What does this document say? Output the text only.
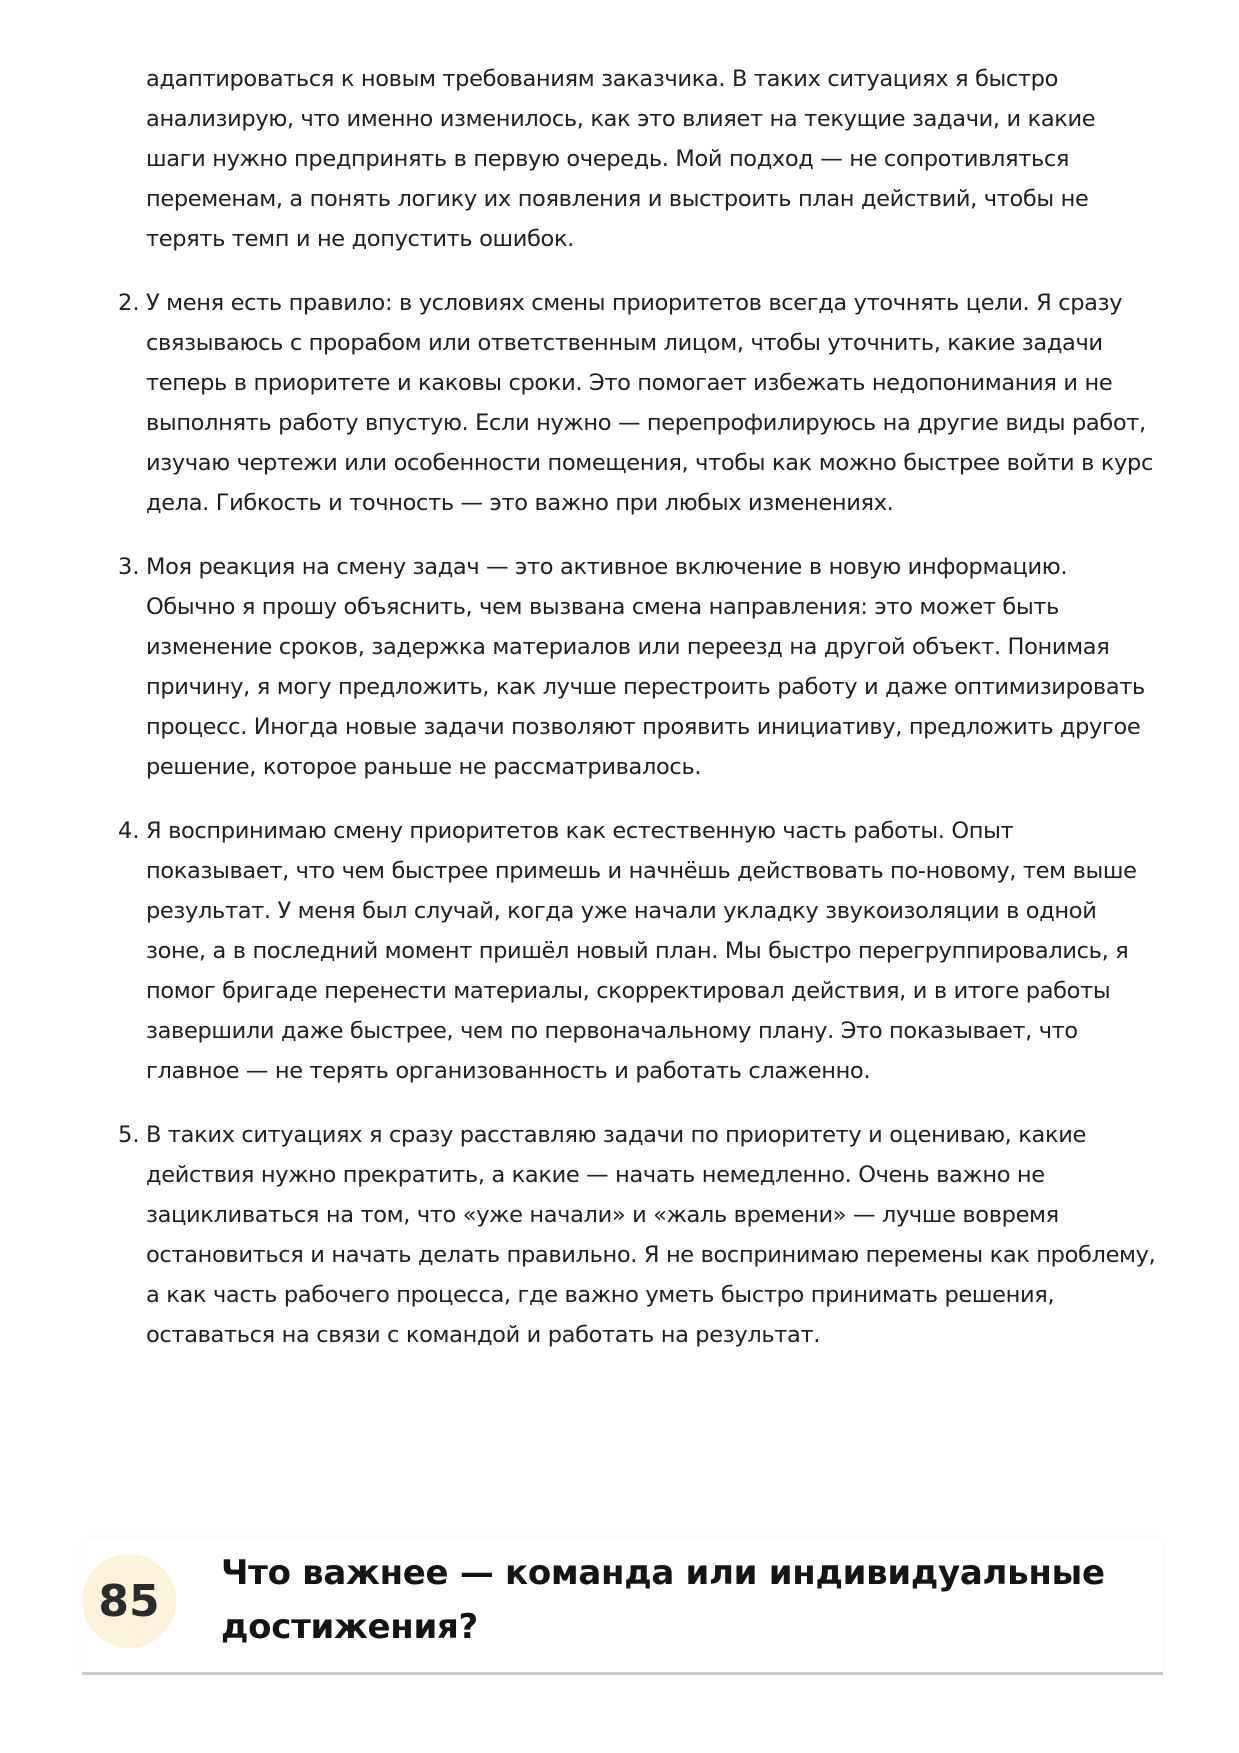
адаптироваться к новым требованиям заказчика. В таких ситуациях я быстро анализирую, что именно изменилось, как это влияет на текущие задачи, и какие шаги нужно предпринять в первую очередь. Мой подход — не сопротивляться переменам, а понять логику их появления и выстроить план действий, чтобы не терять темп и не допустить ошибок.

2. У меня есть правило: в условиях смены приоритетов всегда уточнять цели. Я сразу связываюсь с прорабом или ответственным лицом, чтобы уточнить, какие задачи теперь в приоритете и каковы сроки. Это помогает избежать недопонимания и не выполнять работу впустую. Если нужно — перепрофилируюсь на другие виды работ, изучаю чертежи или особенности помещения, чтобы как можно быстрее войти в курс дела. Гибкость и точность — это важно при любых изменениях.

3. Моя реакция на смену задач — это активное включение в новую информацию. Обычно я прошу объяснить, чем вызвана смена направления: это может быть изменение сроков, задержка материалов или переезд на другой объект. Понимая причину, я могу предложить, как лучше перестроить работу и даже оптимизировать процесс. Иногда новые задачи позволяют проявить инициативу, предложить другое решение, которое раньше не рассматривалось.

4. Я воспринимаю смену приоритетов как естественную часть работы. Опыт показывает, что чем быстрее примешь и начнёшь действовать по-новому, тем выше результат. У меня был случай, когда уже начали укладку звукоизоляции в одной зоне, а в последний момент пришёл новый план. Мы быстро перегруппировались, я помог бригаде перенести материалы, скорректировал действия, и в итоге работы завершили даже быстрее, чем по первоначальному плану. Это показывает, что главное — не терять организованность и работать слаженно.

5. В таких ситуациях я сразу расставляю задачи по приоритету и оцениваю, какие действия нужно прекратить, а какие — начать немедленно. Очень важно не зацикливаться на том, что «уже начали» и «жаль времени» — лучше вовремя остановиться и начать делать правильно. Я не воспринимаю перемены как проблему, а как часть рабочего процесса, где важно уметь быстро принимать решения, оставаться на связи с командой и работать на результат.

85
Что важнее — команда или индивидуальные достижения?
